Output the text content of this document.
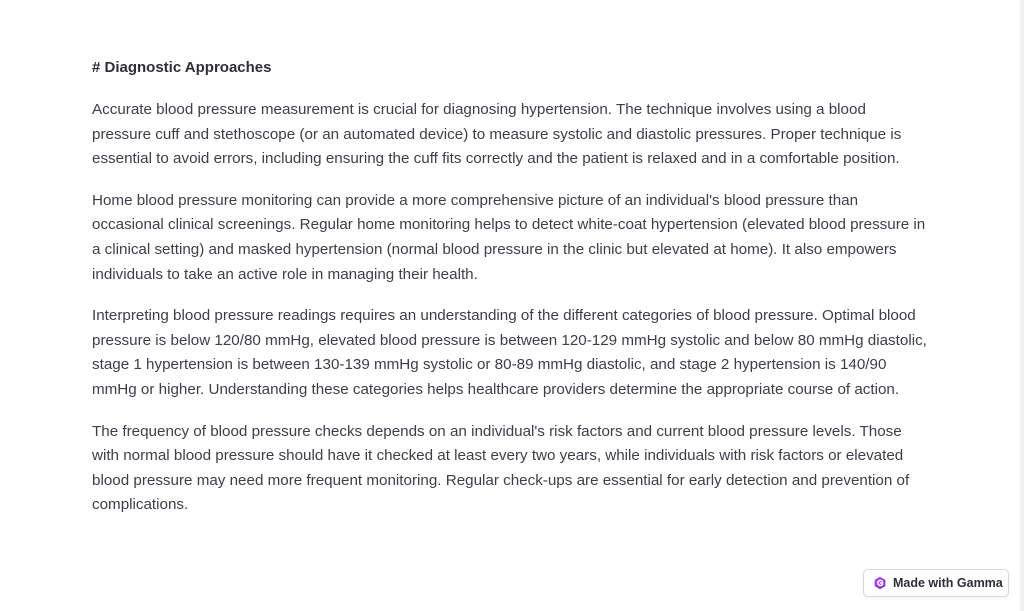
# Diagnostic Approaches

Accurate blood pressure measurement is crucial for diagnosing hypertension. The technique involves using a blood pressure cuff and stethoscope (or an automated device) to measure systolic and diastolic pressures. Proper technique is essential to avoid errors, including ensuring the cuff fits correctly and the patient is relaxed and in a comfortable position.

Home blood pressure monitoring can provide a more comprehensive picture of an individual's blood pressure than occasional clinical screenings. Regular home monitoring helps to detect white-coat hypertension (elevated blood pressure in a clinical setting) and masked hypertension (normal blood pressure in the clinic but elevated at home). It also empowers individuals to take an active role in managing their health.

Interpreting blood pressure readings requires an understanding of the different categories of blood pressure. Optimal blood pressure is below 120/80 mmHg, elevated blood pressure is between 120-129 mmHg systolic and below 80 mmHg diastolic, stage 1 hypertension is between 130-139 mmHg systolic or 80-89 mmHg diastolic, and stage 2 hypertension is 140/90 mmHg or higher. Understanding these categories helps healthcare providers determine the appropriate course of action.

The frequency of blood pressure checks depends on an individual's risk factors and current blood pressure levels. Those with normal blood pressure should have it checked at least every two years, while individuals with risk factors or elevated blood pressure may need more frequent monitoring. Regular check-ups are essential for early detection and prevention of complications.

Made with Gamma
